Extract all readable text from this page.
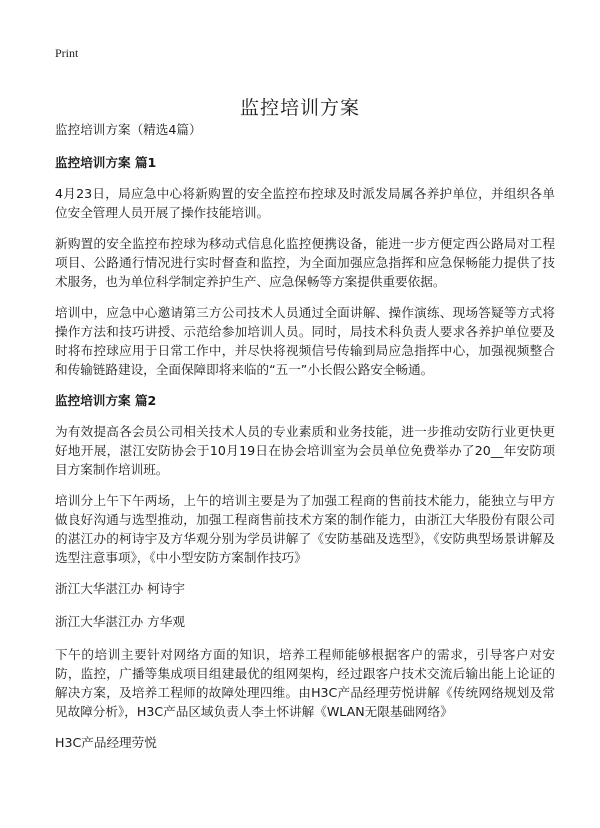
Print
监控培训方案

监控培训方案（精选4篇）

监控培训方案 篇1

4月23日，局应急中心将新购置的安全监控布控球及时派发局属各养护单位，并组织各单位安全管理人员开展了操作技能培训。

新购置的安全监控布控球为移动式信息化监控便携设备，能进一步方便定西公路局对工程项目、公路通行情况进行实时督查和监控，为全面加强应急指挥和应急保畅能力提供了技术服务，也为单位科学制定养护生产、应急保畅等方案提供重要依据。

培训中，应急中心邀请第三方公司技术人员通过全面讲解、操作演练、现场答疑等方式将操作方法和技巧讲授、示范给参加培训人员。同时，局技术科负责人要求各养护单位要及时将布控球应用于日常工作中，并尽快将视频信号传输到局应急指挥中心，加强视频整合和传输链路建设，全面保障即将来临的“五一”小长假公路安全畅通。

监控培训方案 篇2

为有效提高各会员公司相关技术人员的专业素质和业务技能，进一步推动安防行业更快更好地开展，湛江安防协会于10月19日在协会培训室为会员单位免费举办了20__年安防项目方案制作培训班。

培训分上午下午两场，上午的培训主要是为了加强工程商的售前技术能力，能独立与甲方做良好沟通与选型推动，加强工程商售前技术方案的制作能力，由浙江大华股份有限公司的湛江办的柯诗宇及方华观分别为学员讲解了《安防基础及选型》，《安防典型场景讲解及选型注意事项》，《中小型安防方案制作技巧》

浙江大华湛江办 柯诗宇

浙江大华湛江办 方华观

下午的培训主要针对网络方面的知识，培养工程师能够根据客户的需求，引导客户对安防，监控，广播等集成项目组建最优的组网架构，经过跟客户技术交流后输出能上论证的解决方案，及培养工程师的故障处理四维。由H3C产品经理劳悦讲解《传统网络规划及常见故障分析》，H3C产品区域负责人李土怀讲解《WLAN无限基础网络》

H3C产品经理劳悦
